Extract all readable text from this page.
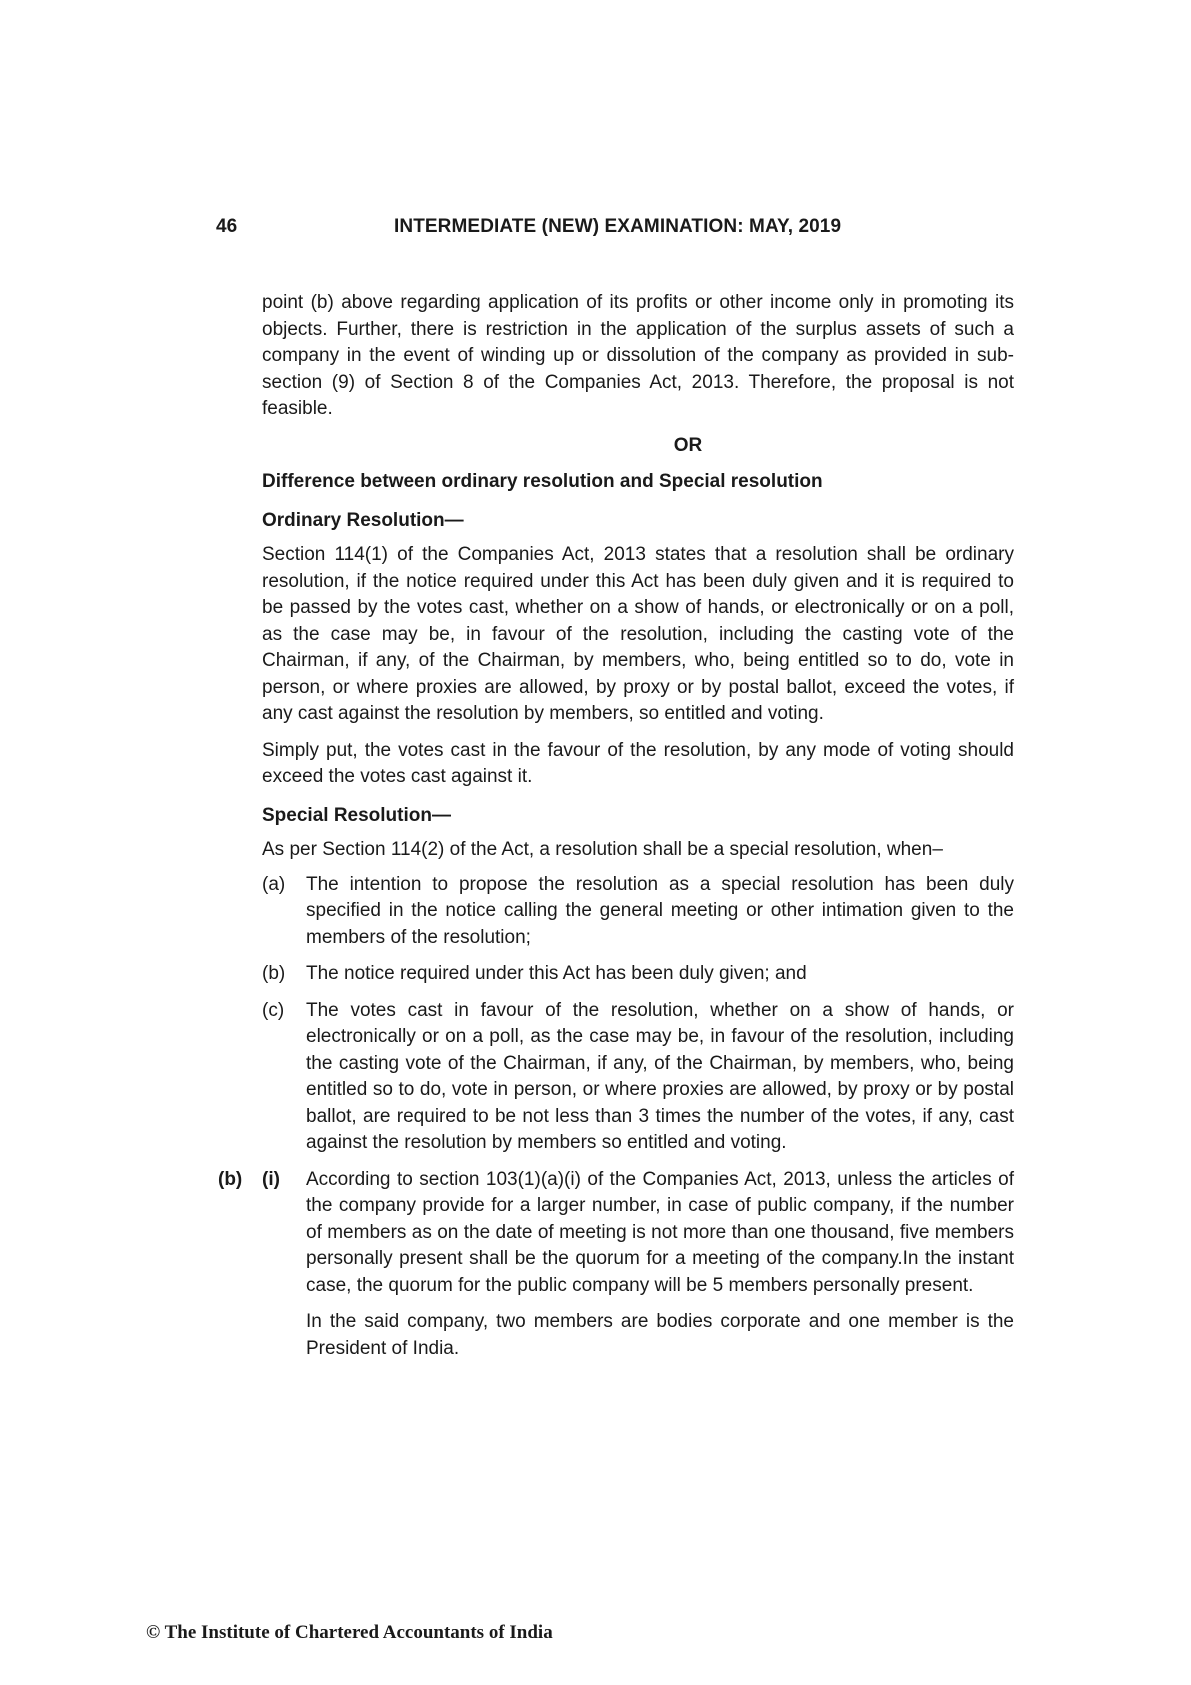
46	INTERMEDIATE (NEW) EXAMINATION: MAY, 2019

point (b) above regarding application of its profits or other income only in promoting its objects. Further, there is restriction in the application of the surplus assets of such a company in the event of winding up or dissolution of the company as provided in sub-section (9) of Section 8 of the Companies Act, 2013. Therefore, the proposal is not feasible.

OR
Difference between ordinary resolution and Special resolution
Ordinary Resolution—

Section 114(1) of the Companies Act, 2013 states that a resolution shall be ordinary resolution, if the notice required under this Act has been duly given and it is required to be passed by the votes cast, whether on a show of hands, or electronically or on a poll, as the case may be, in favour of the resolution, including the casting vote of the Chairman, if any, of the Chairman, by members, who, being entitled so to do, vote in person, or where proxies are allowed, by proxy or by postal ballot, exceed the votes, if any cast against the resolution by members, so entitled and voting.

Simply put, the votes cast in the favour of the resolution, by any mode of voting should exceed the votes cast against it.

Special Resolution—

As per Section 114(2) of the Act, a resolution shall be a special resolution, when–

(a)	The intention to propose the resolution as a special resolution has been duly specified in the notice calling the general meeting or other intimation given to the members of the resolution;
(b)	The notice required under this Act has been duly given; and
(c)	The votes cast in favour of the resolution, whether on a show of hands, or electronically or on a poll, as the case may be, in favour of the resolution, including the casting vote of the Chairman, if any, of the Chairman, by members, who, being entitled so to do, vote in person, or where proxies are allowed, by proxy or by postal ballot, are required to be not less than 3 times the number of the votes, if any, cast against the resolution by members so entitled and voting.
(b)	(i) According to section 103(1)(a)(i) of the Companies Act, 2013, unless the articles of the company provide for a larger number, in case of public company, if the number of members as on the date of meeting is not more than one thousand, five members personally present shall be the quorum for a meeting of the company.In the instant case, the quorum for the public company will be 5 members personally present.

In the said company, two members are bodies corporate and one member is the President of India.

© The Institute of Chartered Accountants of India
